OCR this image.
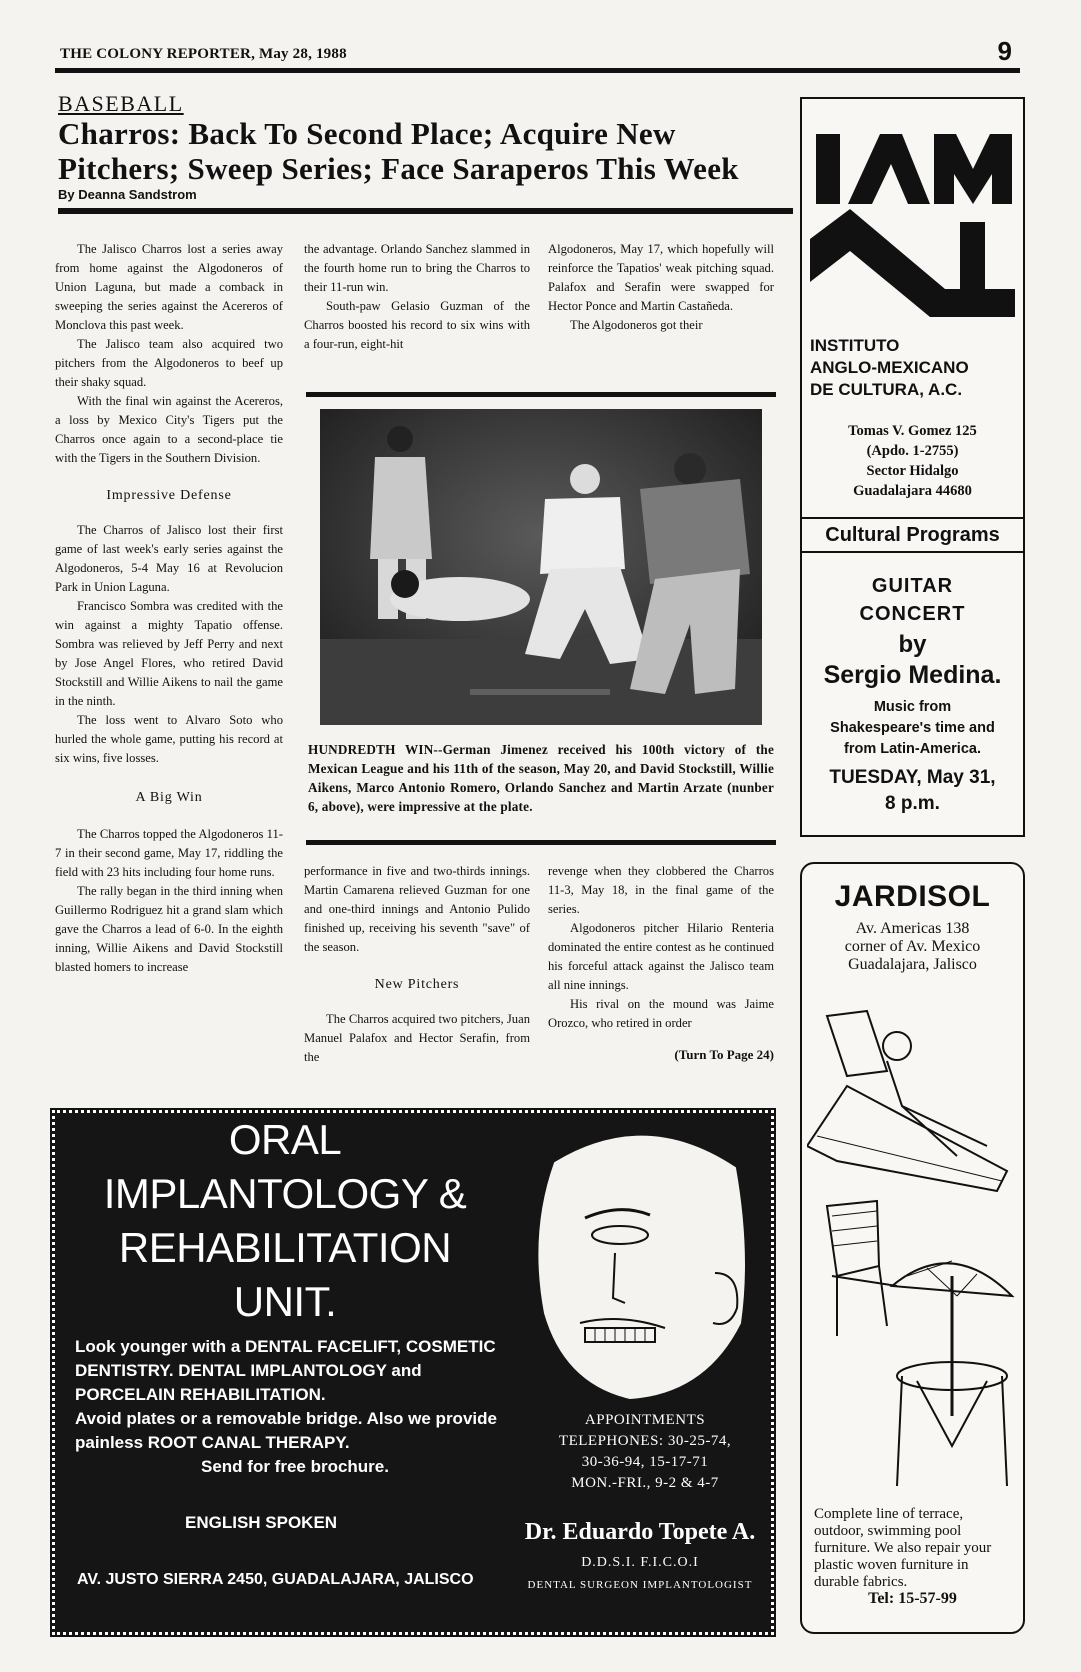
THE COLONY REPORTER, May 28, 1988	9
BASEBALL
Charros: Back To Second Place; Acquire New
Pitchers; Sweep Series; Face Saraperos This Week
By Deanna Sandstrom

The Jalisco Charros lost a series away from home against the Algodoneros of Union Laguna, but made a comback in sweeping the series against the Acereros of Monclova this past week.

The Jalisco team also acquired two pitchers from the Algodoneros to beef up their shaky squad.

With the final win against the Acereros, a loss by Mexico City's Tigers put the Charros once again to a second-place tie with the Tigers in the Southern Division.

Impressive Defense

The Charros of Jalisco lost their first game of last week's early series against the Algodoneros, 5-4 May 16 at Revolucion Park in Union Laguna.

Francisco Sombra was credited with the win against a mighty Tapatio offense. Sombra was relieved by Jeff Perry and next by Jose Angel Flores, who retired David Stockstill and Willie Aikens to nail the game in the ninth.

The loss went to Alvaro Soto who hurled the whole game, putting his record at six wins, five losses.

A Big Win

The Charros topped the Algodoneros 11-7 in their second game, May 17, riddling the field with 23 hits including four home runs.

The rally began in the third inning when Guillermo Rodriguez hit a grand slam which gave the Charros a lead of 6-0. In the eighth inning, Willie Aikens and David Stockstill blasted homers to increase

the advantage. Orlando Sanchez slammed in the fourth home run to bring the Charros to their 11-run win.

South-paw Gelasio Guzman of the Charros boosted his record to six wins with a four-run, eight-hit

Algodoneros, May 17, which hopefully will reinforce the Tapatios' weak pitching squad. Palafox and Serafin were swapped for Hector Ponce and Martin Castañeda.

The Algodoneros got their

HUNDREDTH WIN--German Jimenez received his 100th victory of the Mexican League and his 11th of the season, May 20, and David Stockstill, Willie Aikens, Marco Antonio Romero, Orlando Sanchez and Martin Arzate (nunber 6, above), were impressive at the plate.

performance in five and two-thirds innings. Martin Camarena relieved Guzman for one and one-third innings and Antonio Pulido finished up, receiving his seventh "save" of the season.

New Pitchers

The Charros acquired two pitchers, Juan Manuel Palafox and Hector Serafin, from the

revenge when they clobbered the Charros 11-3, May 18, in the final game of the series.

Algodoneros pitcher Hilario Renteria dominated the entire contest as he continued his forceful attack against the Jalisco team all nine innings.

His rival on the mound was Jaime Orozco, who retired in order

(Turn To Page 24)
INSTITUTO
ANGLO-MEXICANO
DE CULTURA, A.C.
Tomas V. Gomez 125
(Apdo. 1-2755)
Sector Hidalgo
Guadalajara 44680
Cultural Programs
GUITAR
CONCERT
by
Sergio Medina.
Music from
Shakespeare's time and
from Latin-America.
TUESDAY, May 31,
8 p.m.
JARDISOL
Av. Americas 138
corner of Av. Mexico
Guadalajara, Jalisco
Complete line of terrace, outdoor, swimming pool furniture. We also repair your plastic woven furniture in durable fabrics.
Tel: 15-57-99
ORAL
IMPLANTOLOGY &
REHABILITATION
UNIT.
Look younger with a DENTAL FACELIFT, COSMETIC DENTISTRY. DENTAL IMPLANTOLOGY and PORCELAIN REHABILITATION.
Avoid plates or a removable bridge. Also we provide painless ROOT CANAL THERAPY.
Send for free brochure.
ENGLISH SPOKEN
AV. JUSTO SIERRA 2450, GUADALAJARA, JALISCO
APPOINTMENTS
TELEPHONES: 30-25-74,
30-36-94, 15-17-71
MON.-FRI., 9-2 & 4-7
Dr. Eduardo Topete A.
D.D.S.I. F.I.C.O.I
DENTAL SURGEON IMPLANTOLOGIST
